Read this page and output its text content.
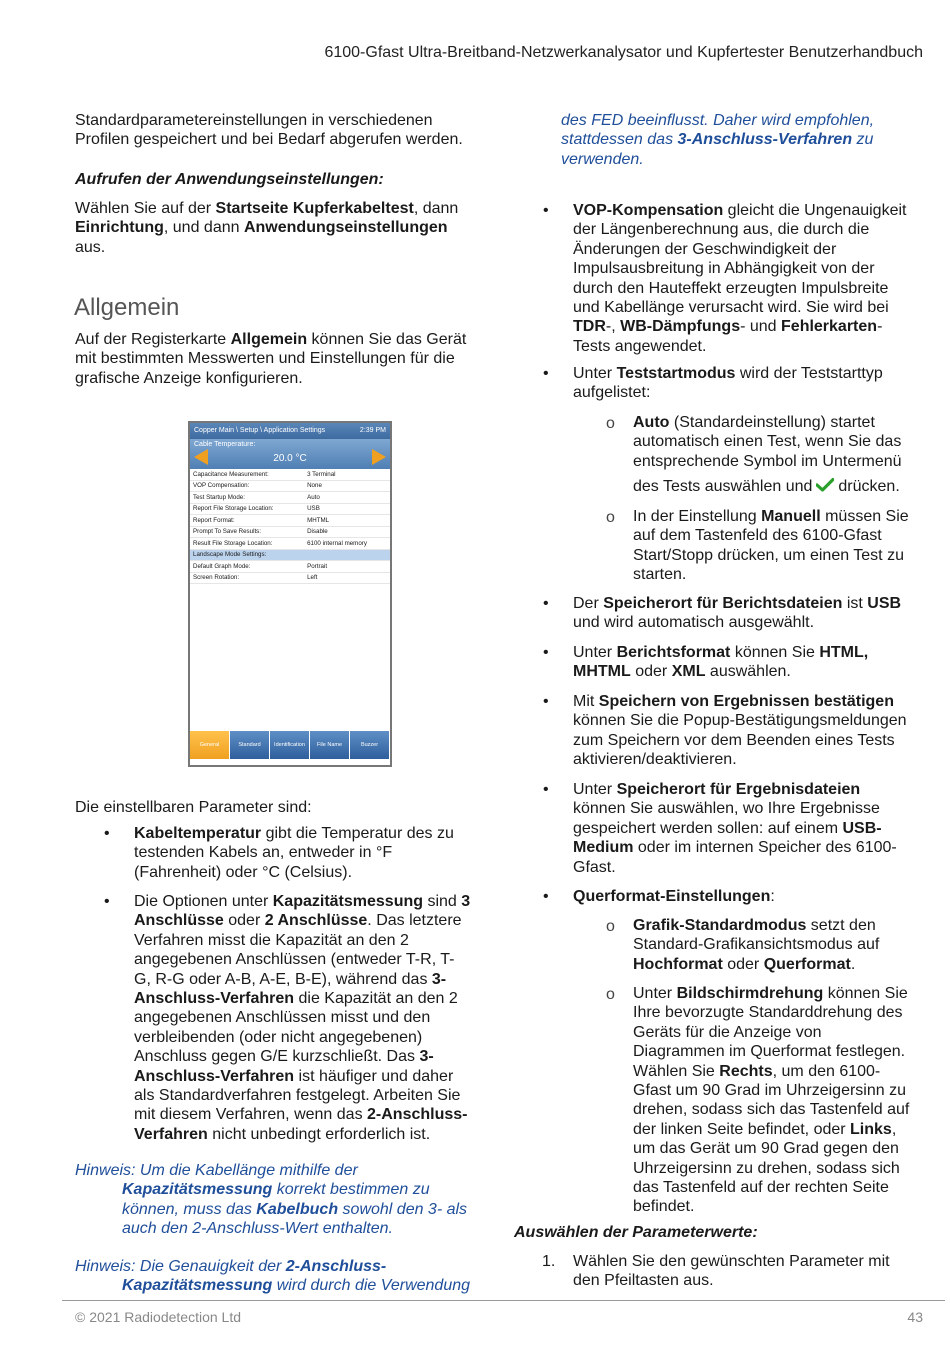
6100-Gfast Ultra-Breitband-Netzwerkanalysator und Kupfertester Benutzerhandbuch

Standardparametereinstellungen in verschiedenen

Profilen gespeichert und bei Bedarf abgerufen werden.

Aufrufen der Anwendungseinstellungen:

Wählen Sie auf der Startseite Kupferkabeltest, dann

Einrichtung, und dann Anwendungseinstellungen

aus.

Allgemein

Auf der Registerkarte Allgemein können Sie das Gerät

mit bestimmten Messwerten und Einstellungen für die

grafische Anzeige konfigurieren.

Copper Main \ Setup \ Application Settings	2:39 PM
Cable Temperature:
20.0 °C
Capacitance Measurement:	3 Terminal
VOP Compensation:	None
Test Startup Mode:	Auto
Report File Storage Location:	USB
Report Format:	MHTML
Prompt To Save Results:	Disable
Result File Storage Location:	6100 internal memory
Landscape Mode Settings:	
Default Graph Mode:	Portrait
Screen Rotation:	Left
General	Standard	Identification	File Name	Buzzer
Die einstellbaren Parameter sind:
• Kabeltemperatur gibt die Temperatur des zu

testenden Kabels an, entweder in °F

(Fahrenheit) oder °C (Celsius).

• Die Optionen unter Kapazitätsmessung sind 3

Anschlüsse oder 2 Anschlüsse. Das letztere

Verfahren misst die Kapazität an den 2

angegebenen Anschlüssen (entweder T-R, T-

G, R-G oder A-B, A-E, B-E), während das 3-

Anschluss-Verfahren die Kapazität an den 2

angegebenen Anschlüssen misst und den

verbleibenden (oder nicht angegebenen)

Anschluss gegen G/E kurzschließt. Das 3-

Anschluss-Verfahren ist häufiger und daher

als Standardverfahren festgelegt. Arbeiten Sie

mit diesem Verfahren, wenn das 2-Anschluss-

Verfahren nicht unbedingt erforderlich ist.

Hinweis: Um die Kabellänge mithilfe der

Kapazitätsmessung korrekt bestimmen zu

können, muss das Kabelbuch sowohl den 3- als

auch den 2-Anschluss-Wert enthalten.

Hinweis: Die Genauigkeit der 2-Anschluss-

Kapazitätsmessung wird durch die Verwendung

des FED beeinflusst. Daher wird empfohlen,

stattdessen das 3-Anschluss-Verfahren zu

verwenden.

• VOP-Kompensation gleicht die Ungenauigkeit

der Längenberechnung aus, die durch die

Änderungen der Geschwindigkeit der

Impulsausbreitung in Abhängigkeit von der

durch den Hauteffekt erzeugten Impulsbreite

und Kabellänge verursacht wird. Sie wird bei

TDR-, WB-Dämpfungs- und Fehlerkarten-

Tests angewendet.

• Unter Teststartmodus wird der Teststarttyp

aufgelistet:

o Auto (Standardeinstellung) startet

automatisch einen Test, wenn Sie das

entsprechende Symbol im Untermenü

des Tests auswählen und drücken.

o In der Einstellung Manuell müssen Sie

auf dem Tastenfeld des 6100-Gfast

Start/Stopp drücken, um einen Test zu

starten.

• Der Speicherort für Berichtsdateien ist USB

und wird automatisch ausgewählt.

• Unter Berichtsformat können Sie HTML,

MHTML oder XML auswählen.

• Mit Speichern von Ergebnissen bestätigen

können Sie die Popup-Bestätigungsmeldungen

zum Speichern vor dem Beenden eines Tests

aktivieren/deaktivieren.

• Unter Speicherort für Ergebnisdateien

können Sie auswählen, wo Ihre Ergebnisse

gespeichert werden sollen: auf einem USB-

Medium oder im internen Speicher des 6100-

Gfast.

• Querformat-Einstellungen:

o Grafik-Standardmodus setzt den

Standard-Grafikansichtsmodus auf

Hochformat oder Querformat.

o Unter Bildschirmdrehung können Sie

Ihre bevorzugte Standarddrehung des

Geräts für die Anzeige von

Diagrammen im Querformat festlegen.

Wählen Sie Rechts, um den 6100-

Gfast um 90 Grad im Uhrzeigersinn zu

drehen, sodass sich das Tastenfeld auf

der linken Seite befindet, oder Links,

um das Gerät um 90 Grad gegen den

Uhrzeigersinn zu drehen, sodass sich

das Tastenfeld auf der rechten Seite

befindet.

Auswählen der Parameterwerte:
1. Wählen Sie den gewünschten Parameter mit

den Pfeiltasten aus.

© 2021 Radiodetection Ltd	43
